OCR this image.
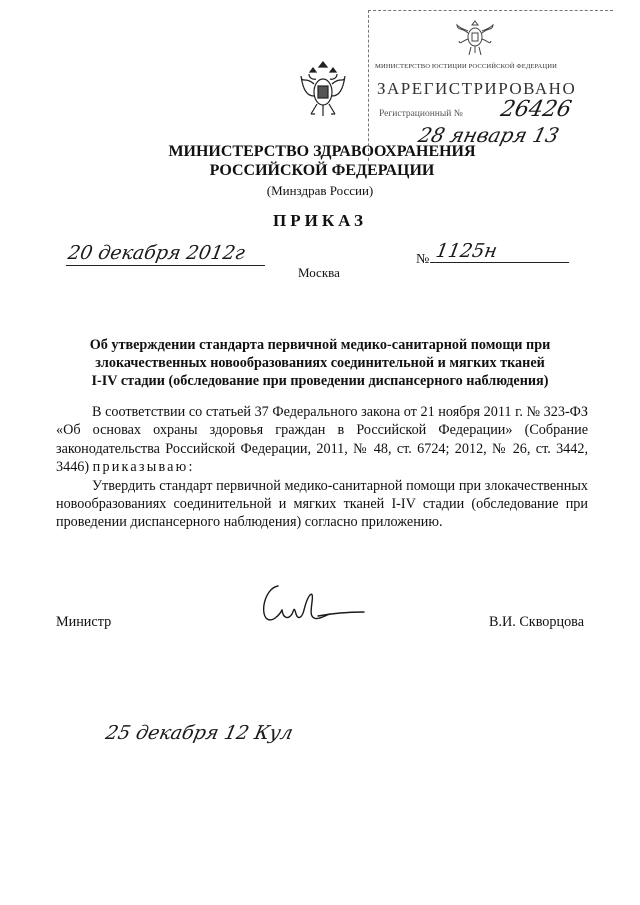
МИНИСТЕРСТВО ЮСТИЦИИ РОССИЙСКОЙ ФЕДЕРАЦИИ
ЗАРЕГИСТРИРОВАНО
Регистрационный № 26426
28 января 13
МИНИСТЕРСТВО ЗДРАВООХРАНЕНИЯ
РОССИЙСКОЙ ФЕДЕРАЦИИ
(Минздрав России)
ПРИКАЗ
20 декабря 2012г
Москва
№ 1125н
Об утверждении стандарта первичной медико-санитарной помощи при
злокачественных новообразованиях соединительной и мягких тканей
I-IV стадии (обследование при проведении диспансерного наблюдения)

В соответствии со статьей 37 Федерального закона от 21 ноября 2011 г. № 323-ФЗ «Об основах охраны здоровья граждан в Российской Федерации» (Собрание законодательства Российской Федерации, 2011, № 48, ст. 6724; 2012, № 26, ст. 3442, 3446) приказываю:

Утвердить стандарт первичной медико-санитарной помощи при злокачественных новообразованиях соединительной и мягких тканей I-IV стадии (обследование при проведении диспансерного наблюдения) согласно приложению.

Министр	В.И. Скворцова
25 декабря 12 Кул
